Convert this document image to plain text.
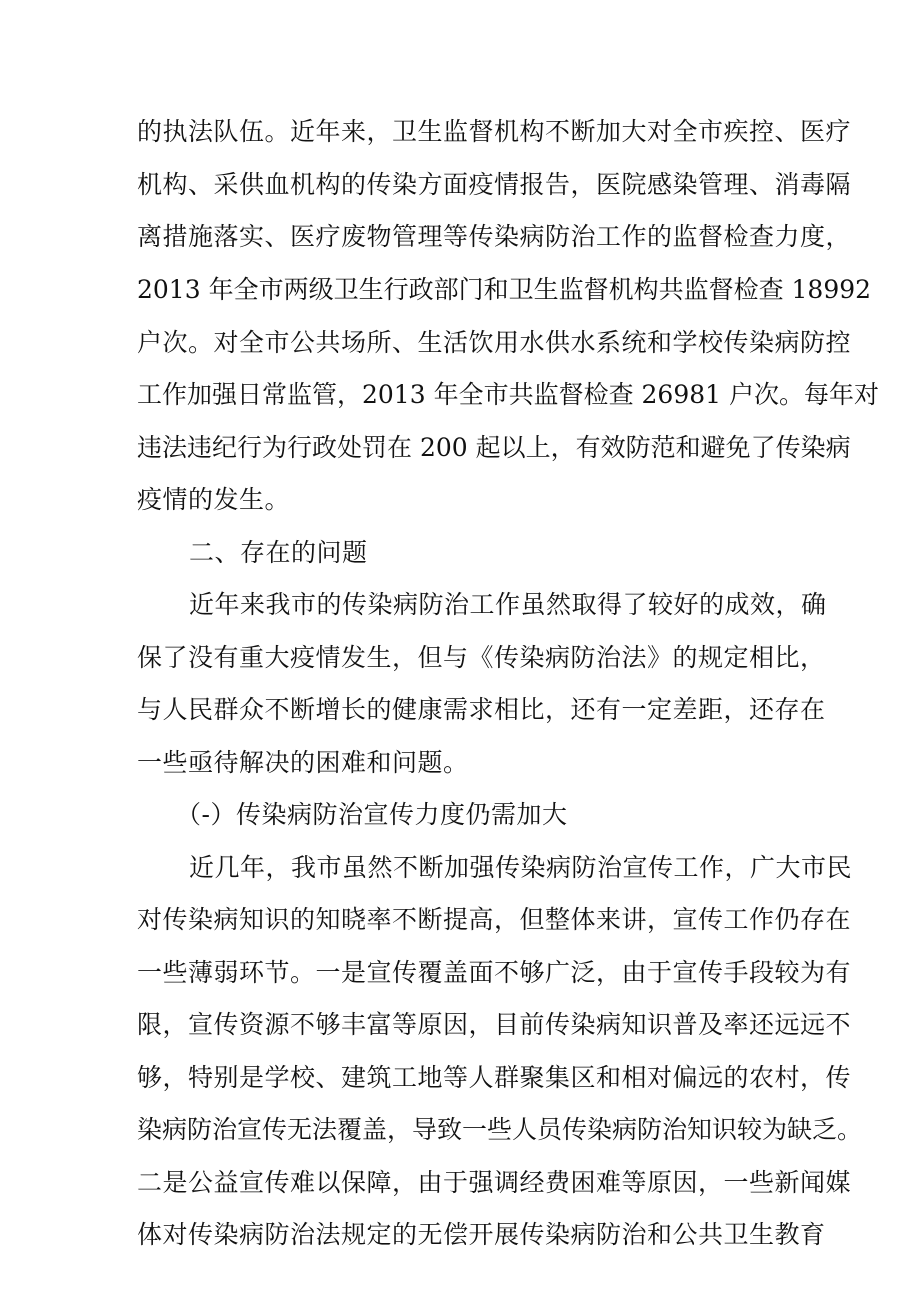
的执法队伍。近年来，卫生监督机构不断加大对全市疾控、医疗
机构、采供血机构的传染方面疫情报告，医院感染管理、消毒隔
离措施落实、医疗废物管理等传染病防治工作的监督检查力度，
2013 年全市两级卫生行政部门和卫生监督机构共监督检查 18992
户次。对全市公共场所、生活饮用水供水系统和学校传染病防控
工作加强日常监管，2013 年全市共监督检查 26981 户次。每年对
违法违纪行为行政处罚在 200 起以上，有效防范和避免了传染病
疫情的发生。
二、存在的问题
近年来我市的传染病防治工作虽然取得了较好的成效，确
保了没有重大疫情发生，但与《传染病防治法》的规定相比，
与人民群众不断增长的健康需求相比，还有一定差距，还存在
一些亟待解决的困难和问题。
（-）传染病防治宣传力度仍需加大
近几年，我市虽然不断加强传染病防治宣传工作，广大市民
对传染病知识的知晓率不断提高，但整体来讲，宣传工作仍存在
一些薄弱环节。一是宣传覆盖面不够广泛，由于宣传手段较为有
限，宣传资源不够丰富等原因，目前传染病知识普及率还远远不
够，特别是学校、建筑工地等人群聚集区和相对偏远的农村，传
染病防治宣传无法覆盖，导致一些人员传染病防治知识较为缺乏。
二是公益宣传难以保障，由于强调经费困难等原因，一些新闻媒
体对传染病防治法规定的无偿开展传染病防治和公共卫生教育
